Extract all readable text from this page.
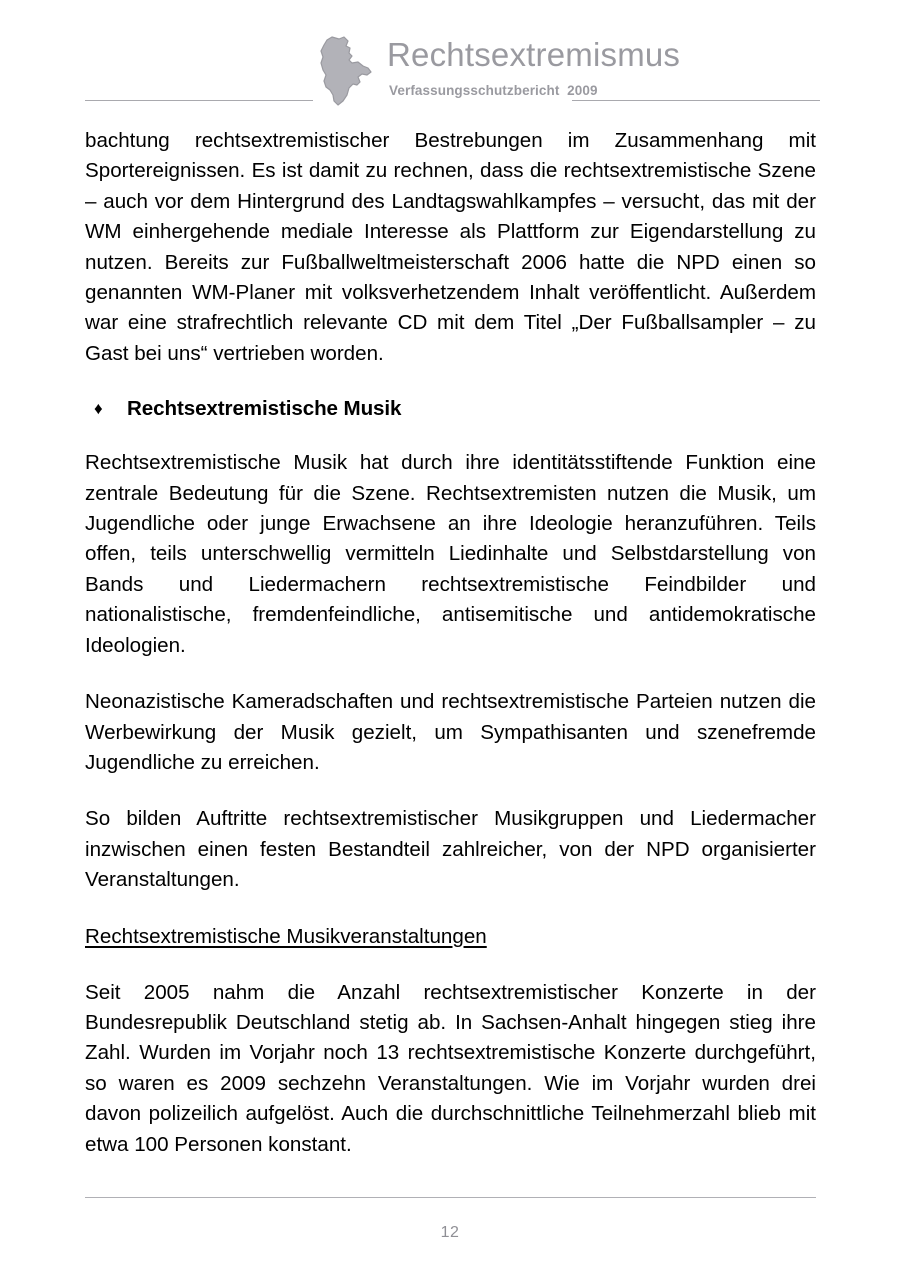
Rechtsextremismus
Verfassungsschutzbericht  2009

bachtung rechtsextremistischer Bestrebungen im Zusammenhang mit Sportereignissen. Es ist damit zu rechnen, dass die rechtsextremistische Szene – auch vor dem Hintergrund des Landtagswahlkampfes – versucht, das mit der WM einhergehende mediale Interesse als Plattform zur Eigendarstellung zu nutzen. Bereits zur Fußballweltmeisterschaft 2006 hatte die NPD einen so genannten WM-Planer mit volksverhetzendem Inhalt veröffentlicht. Außerdem war eine strafrechtlich relevante CD mit dem Titel „Der Fußballsampler – zu Gast bei uns“ vertrieben worden.

♦ Rechtsextremistische Musik

Rechtsextremistische Musik hat durch ihre identitätsstiftende Funktion eine zentrale Bedeutung für die Szene. Rechtsextremisten nutzen die Musik, um Jugendliche oder junge Erwachsene an ihre Ideologie heranzuführen. Teils offen, teils unterschwellig vermitteln Liedinhalte und Selbstdarstellung von Bands und Liedermachern rechtsextremistische Feindbilder und nationalistische, fremdenfeindliche, antisemitische und antidemokratische Ideologien.

Neonazistische Kameradschaften und rechtsextremistische Parteien nutzen die Werbewirkung der Musik gezielt, um Sympathisanten und szenefremde Jugendliche zu erreichen.

So bilden Auftritte rechtsextremistischer Musikgruppen und Liedermacher inzwischen einen festen Bestandteil zahlreicher, von der NPD organisierter Veranstaltungen.

Rechtsextremistische Musikveranstaltungen

Seit 2005 nahm die Anzahl rechtsextremistischer Konzerte in der Bundesrepublik Deutschland stetig ab. In Sachsen-Anhalt hingegen stieg ihre Zahl. Wurden im Vorjahr noch 13 rechtsextremistische Konzerte durchgeführt, so waren es 2009 sechzehn Veranstaltungen. Wie im Vorjahr wurden drei davon polizeilich aufgelöst. Auch die durchschnittliche Teilnehmerzahl blieb mit etwa 100 Personen konstant.

12
